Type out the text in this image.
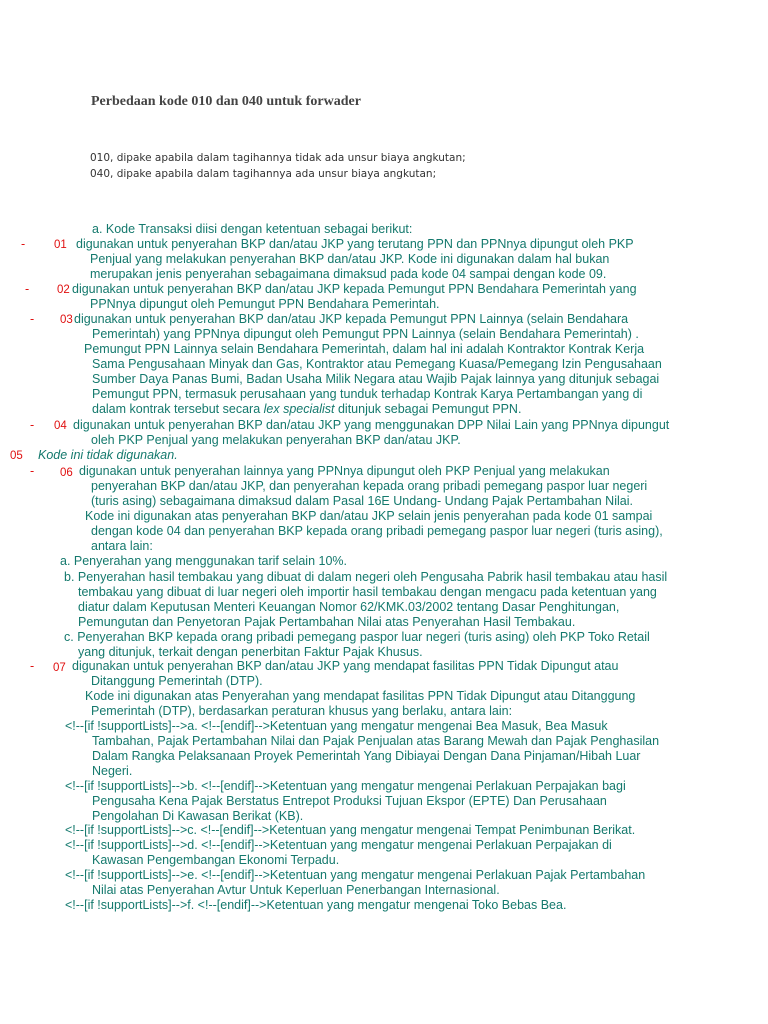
Perbedaan kode 010 dan 040 untuk forwader
010, dipake apabila dalam tagihannya tidak ada unsur biaya angkutan;
040, dipake apabila dalam tagihannya ada unsur biaya angkutan;
a. Kode Transaksi diisi dengan ketentuan sebagai berikut:
-	01 digunakan untuk penyerahan BKP dan/atau JKP yang terutang PPN dan PPNnya dipungut oleh PKP
Penjual yang melakukan penyerahan BKP dan/atau JKP. Kode ini digunakan dalam hal bukan
merupakan jenis penyerahan sebagaimana dimaksud pada kode 04 sampai dengan kode 09.
- 02 digunakan untuk penyerahan BKP dan/atau JKP kepada Pemungut PPN Bendahara Pemerintah yang
PPNnya dipungut oleh Pemungut PPN Bendahara Pemerintah.
- 03 digunakan untuk penyerahan BKP dan/atau JKP kepada Pemungut PPN Lainnya (selain Bendahara
Pemerintah) yang PPNnya dipungut oleh Pemungut PPN Lainnya (selain Bendahara Pemerintah) .
Pemungut PPN Lainnya selain Bendahara Pemerintah, dalam hal ini adalah Kontraktor Kontrak Kerja
Sama Pengusahaan Minyak dan Gas, Kontraktor atau Pemegang Kuasa/Pemegang Izin Pengusahaan
Sumber Daya Panas Bumi, Badan Usaha Milik Negara atau Wajib Pajak lainnya yang ditunjuk sebagai
Pemungut PPN, termasuk perusahaan yang tunduk terhadap Kontrak Karya Pertambangan yang di
dalam kontrak tersebut secara lex specialist ditunjuk sebagai Pemungut PPN.
- 04 digunakan untuk penyerahan BKP dan/atau JKP yang menggunakan DPP Nilai Lain yang PPNnya dipungut
oleh PKP Penjual yang melakukan penyerahan BKP dan/atau JKP.
05 Kode ini tidak digunakan.
- 06 digunakan untuk penyerahan lainnya yang PPNnya dipungut oleh PKP Penjual yang melakukan
penyerahan BKP dan/atau JKP, dan penyerahan kepada orang pribadi pemegang paspor luar negeri
(turis asing) sebagaimana dimaksud dalam Pasal 16E Undang- Undang Pajak Pertambahan Nilai.
Kode ini digunakan atas penyerahan BKP dan/atau JKP selain jenis penyerahan pada kode 01 sampai
dengan kode 04 dan penyerahan BKP kepada orang pribadi pemegang paspor luar negeri (turis asing),
antara lain:
a. Penyerahan yang menggunakan tarif selain 10%.
b. Penyerahan hasil tembakau yang dibuat di dalam negeri oleh Pengusaha Pabrik hasil tembakau atau hasil
tembakau yang dibuat di luar negeri oleh importir hasil tembakau dengan mengacu pada ketentuan yang
diatur dalam Keputusan Menteri Keuangan Nomor 62/KMK.03/2002 tentang Dasar Penghitungan,
Pemungutan dan Penyetoran Pajak Pertambahan Nilai atas Penyerahan Hasil Tembakau.
c. Penyerahan BKP kepada orang pribadi pemegang paspor luar negeri (turis asing) oleh PKP Toko Retail
yang ditunjuk, terkait dengan penerbitan Faktur Pajak Khusus.
- 07 digunakan untuk penyerahan BKP dan/atau JKP yang mendapat fasilitas PPN Tidak Dipungut atau
Ditanggung Pemerintah (DTP).
Kode ini digunakan atas Penyerahan yang mendapat fasilitas PPN Tidak Dipungut atau Ditanggung
Pemerintah (DTP), berdasarkan peraturan khusus yang berlaku, antara lain:
<!--[if !supportLists]-->a. <!--[endif]-->Ketentuan yang mengatur mengenai Bea Masuk, Bea Masuk
Tambahan, Pajak Pertambahan Nilai dan Pajak Penjualan atas Barang Mewah dan Pajak Penghasilan
Dalam Rangka Pelaksanaan Proyek Pemerintah Yang Dibiayai Dengan Dana Pinjaman/Hibah Luar
Negeri.
<!--[if !supportLists]-->b. <!--[endif]-->Ketentuan yang mengatur mengenai Perlakuan Perpajakan bagi
Pengusaha Kena Pajak Berstatus Entrepot Produksi Tujuan Ekspor (EPTE) Dan Perusahaan
Pengolahan Di Kawasan Berikat (KB).
<!--[if !supportLists]-->c. <!--[endif]-->Ketentuan yang mengatur mengenai Tempat Penimbunan Berikat.
<!--[if !supportLists]-->d. <!--[endif]-->Ketentuan yang mengatur mengenai Perlakuan Perpajakan di
Kawasan Pengembangan Ekonomi Terpadu.
<!--[if !supportLists]-->e. <!--[endif]-->Ketentuan yang mengatur mengenai Perlakuan Pajak Pertambahan
Nilai atas Penyerahan Avtur Untuk Keperluan Penerbangan Internasional.
<!--[if !supportLists]-->f. <!--[endif]-->Ketentuan yang mengatur mengenai Toko Bebas Bea.
